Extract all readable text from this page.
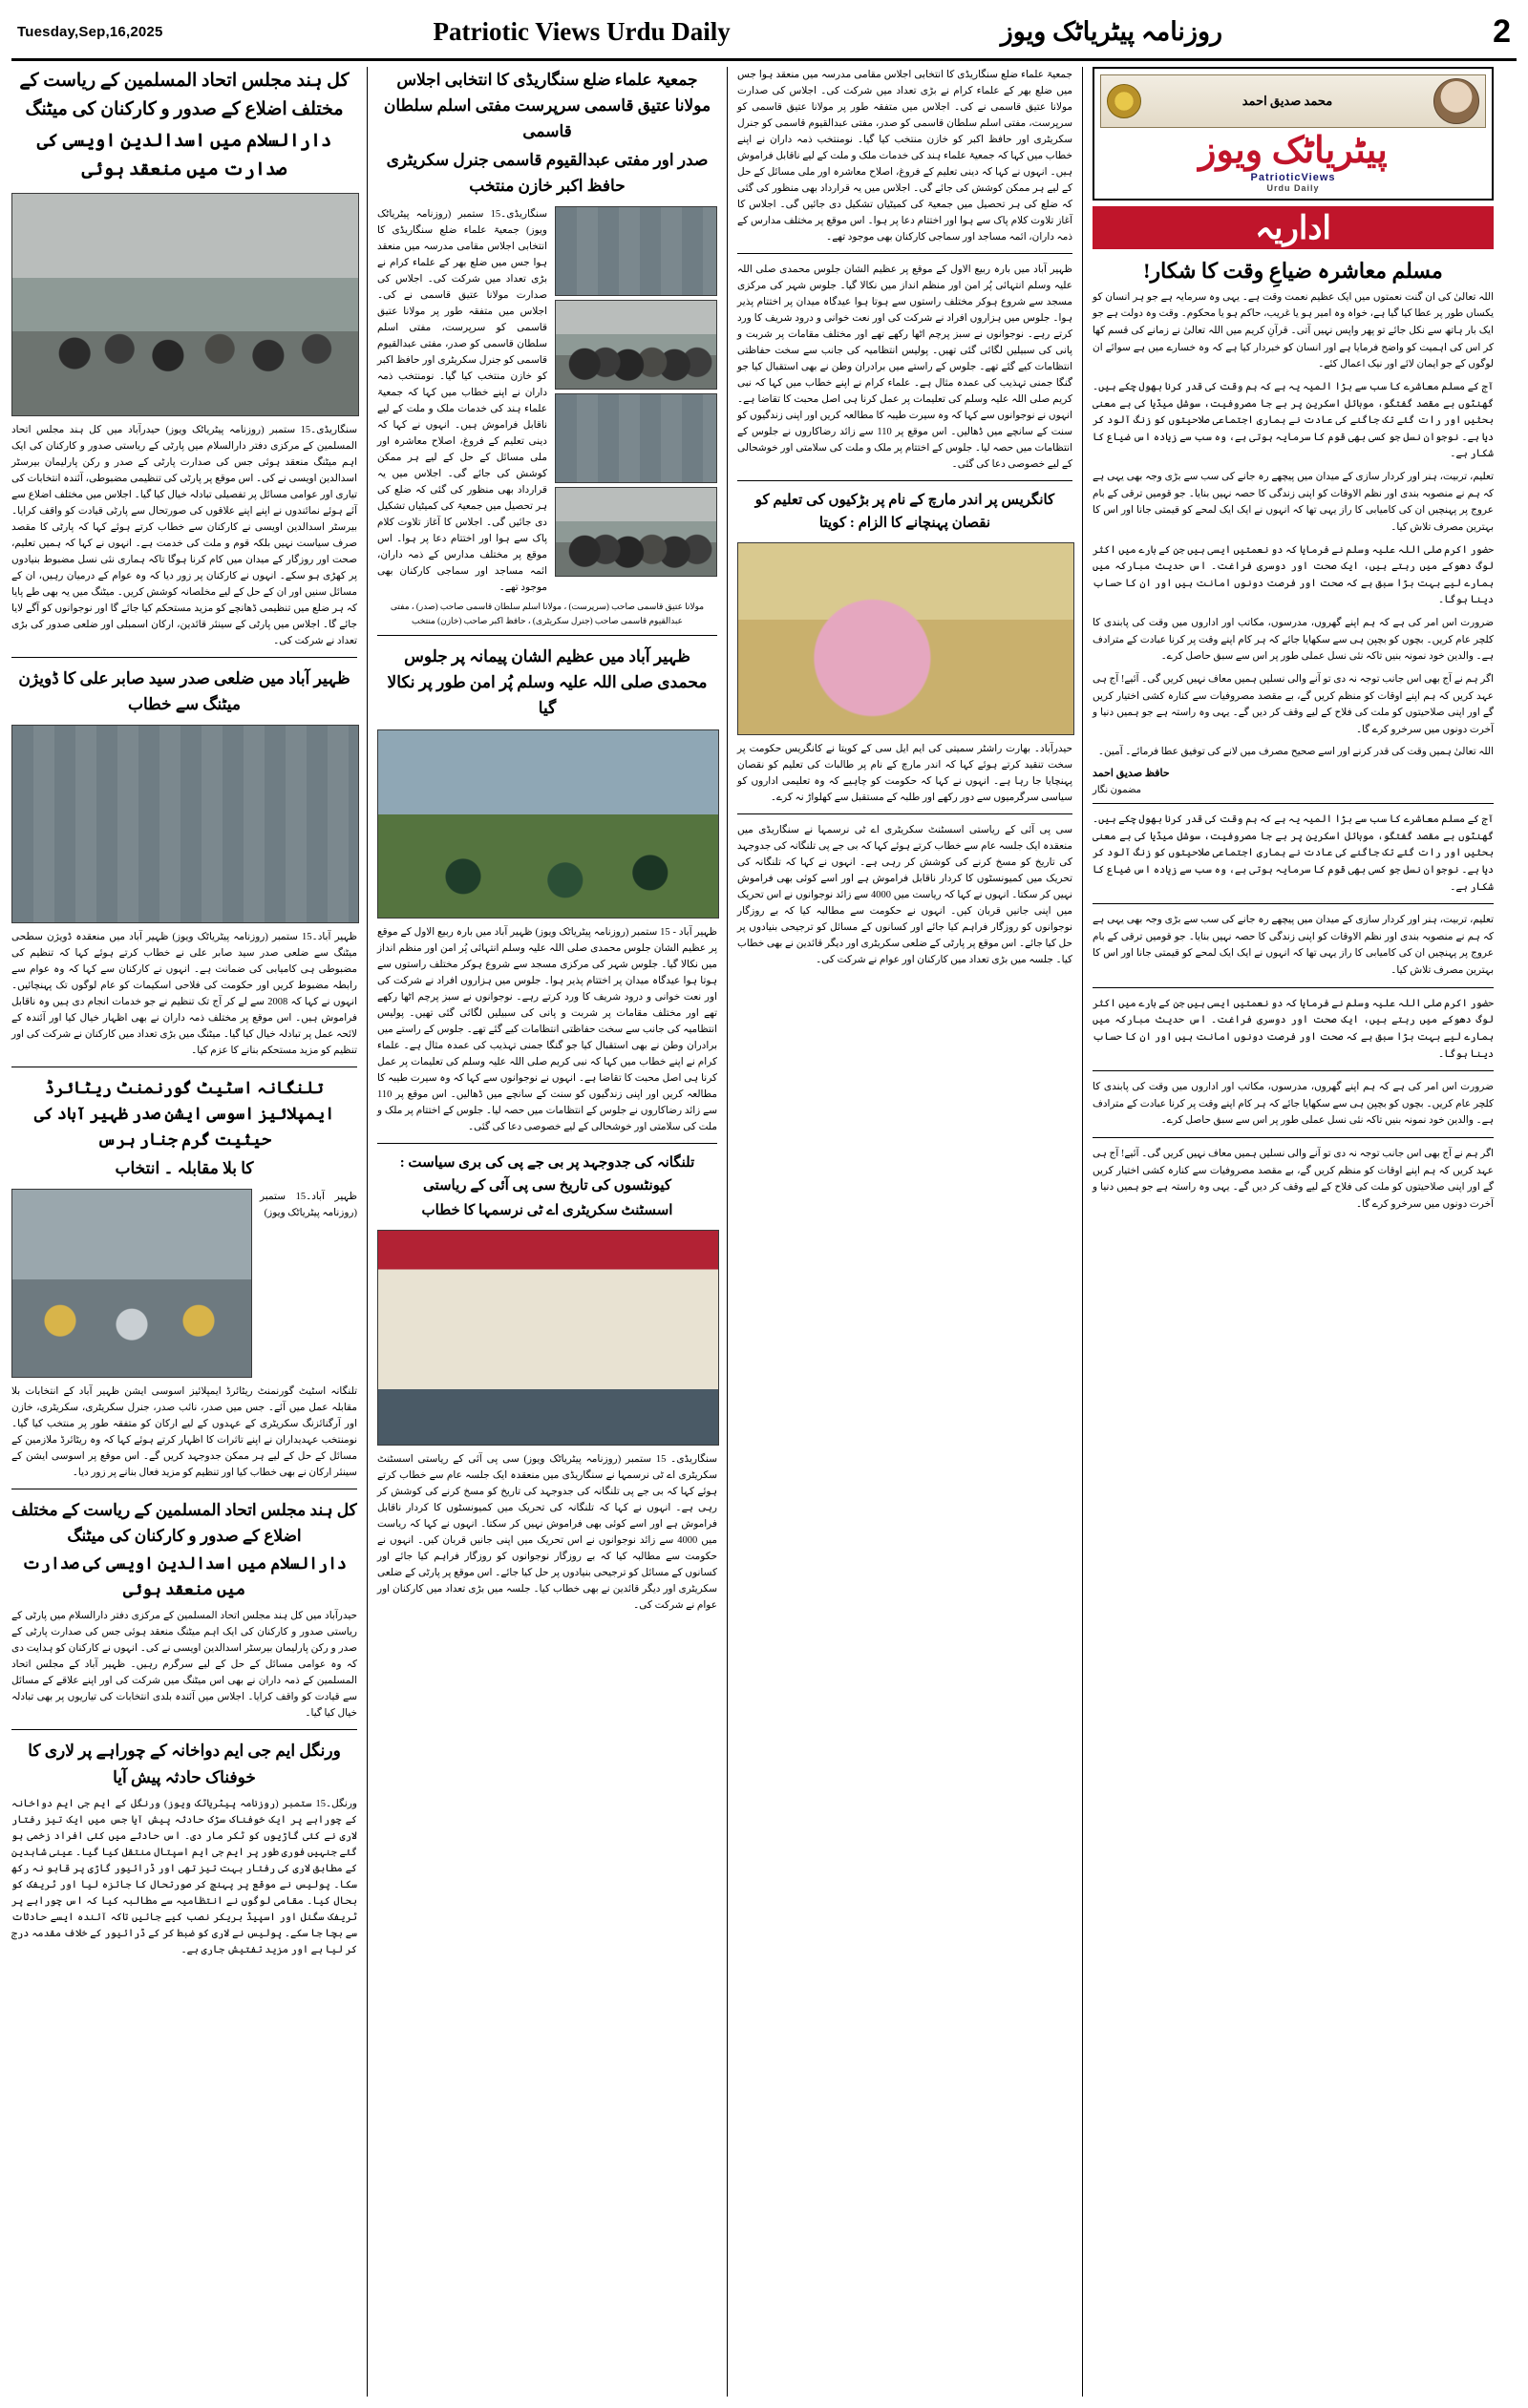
Tuesday,Sep,16,2025	Patriotic Views Urdu Daily	روزنامہ پیٹریاٹک ویوز	2
کل ہند مجلس اتحاد المسلمین کے ریاست کے مختلف اضلاع کے صدور و کارکنان کی میٹنگ
دارالسلام میں اسدالدین اویسی کی صدارت میں منعقد ہوئی
سنگاریڈی۔15 ستمبر (روزنامہ پیٹریاٹک ویوز) حیدرآباد میں کل ہند مجلس اتحاد المسلمین کے مرکزی دفتر دارالسلام میں پارٹی کے ریاستی صدور و کارکنان کی ایک اہم میٹنگ منعقد ہوئی جس کی صدارت پارٹی کے صدر و رکن پارلیمان بیرسٹر اسدالدین اویسی نے کی۔ اس موقع پر پارٹی کی تنظیمی مضبوطی، آئندہ انتخابات کی تیاری اور عوامی مسائل پر تفصیلی تبادلہ خیال کیا گیا۔ اجلاس میں مختلف اضلاع سے آئے ہوئے نمائندوں نے اپنے اپنے علاقوں کی صورتحال سے پارٹی قیادت کو واقف کرایا۔ بیرسٹر اسدالدین اویسی نے کارکنان سے خطاب کرتے ہوئے کہا کہ پارٹی کا مقصد صرف سیاست نہیں بلکہ قوم و ملت کی خدمت ہے۔ انہوں نے کہا کہ ہمیں تعلیم، صحت اور روزگار کے میدان میں کام کرنا ہوگا تاکہ ہماری نئی نسل مضبوط بنیادوں پر کھڑی ہو سکے۔ انہوں نے کارکنان پر زور دیا کہ وہ عوام کے درمیان رہیں، ان کے مسائل سنیں اور ان کے حل کے لیے مخلصانہ کوشش کریں۔ میٹنگ میں یہ بھی طے پایا کہ ہر ضلع میں تنظیمی ڈھانچے کو مزید مستحکم کیا جائے گا اور نوجوانوں کو آگے لایا جائے گا۔ اجلاس میں پارٹی کے سینئر قائدین، ارکان اسمبلی اور ضلعی صدور کی بڑی تعداد نے شرکت کی۔
ظہیر آباد میں ضلعی صدر سید صابر علی کا ڈویژن میٹنگ سے خطاب
ظہیر آباد۔15 ستمبر (روزنامہ پیٹریاٹک ویوز) ظہیر آباد میں منعقدہ ڈویژن سطحی میٹنگ سے ضلعی صدر سید صابر علی نے خطاب کرتے ہوئے کہا کہ تنظیم کی مضبوطی ہی کامیابی کی ضمانت ہے۔ انہوں نے کارکنان سے کہا کہ وہ عوام سے رابطہ مضبوط کریں اور حکومت کی فلاحی اسکیمات کو عام لوگوں تک پہنچائیں۔ انہوں نے کہا کہ 2008 سے لے کر آج تک تنظیم نے جو خدمات انجام دی ہیں وہ ناقابل فراموش ہیں۔ اس موقع پر مختلف ذمہ داران نے بھی اظہار خیال کیا اور آئندہ کے لائحہ عمل پر تبادلہ خیال کیا گیا۔ میٹنگ میں بڑی تعداد میں کارکنان نے شرکت کی اور تنظیم کو مزید مستحکم بنانے کا عزم کیا۔
تلنگانہ اسٹیٹ گورنمنٹ ریٹائرڈ ایمپلائیز اسوسی ایشن صدر ظہیر آباد کی حیثیت گرم جنار ہرس
کا بلا مقابلہ ۔ انتخاب
ظہیر آباد۔15 ستمبر (روزنامہ پیٹریاٹک ویوز)
تلنگانہ اسٹیٹ گورنمنٹ ریٹائرڈ ایمپلائیز اسوسی ایشن ظہیر آباد کے انتخابات بلا مقابلہ عمل میں آئے۔ جس میں صدر، نائب صدر، جنرل سکریٹری، سکریٹری، خازن اور آرگنائزنگ سکریٹری کے عہدوں کے لیے ارکان کو متفقہ طور پر منتخب کیا گیا۔ نومنتخب عہدیداران نے اپنے تاثرات کا اظہار کرتے ہوئے کہا کہ وہ ریٹائرڈ ملازمین کے مسائل کے حل کے لیے ہر ممکن جدوجہد کریں گے۔ اس موقع پر اسوسی ایشن کے سینئر ارکان نے بھی خطاب کیا اور تنظیم کو مزید فعال بنانے پر زور دیا۔
کل ہند مجلس اتحاد المسلمین کے ریاست کے مختلف اضلاع کے صدور و کارکنان کی میٹنگ
دارالسلام میں اسدالدین اویسی کی صدارت میں منعقد ہوئی
حیدرآباد میں کل ہند مجلس اتحاد المسلمین کے مرکزی دفتر دارالسلام میں پارٹی کے ریاستی صدور و کارکنان کی ایک اہم میٹنگ منعقد ہوئی جس کی صدارت پارٹی کے صدر و رکن پارلیمان بیرسٹر اسدالدین اویسی نے کی۔ انہوں نے کارکنان کو ہدایت دی کہ وہ عوامی مسائل کے حل کے لیے سرگرم رہیں۔ ظہیر آباد کے مجلس اتحاد المسلمین کے ذمہ داران نے بھی اس میٹنگ میں شرکت کی اور اپنے علاقے کے مسائل سے قیادت کو واقف کرایا۔ اجلاس میں آئندہ بلدی انتخابات کی تیاریوں پر بھی تبادلہ خیال کیا گیا۔
ورنگل ایم جی ایم دواخانہ کے چوراہے پر لاری کا خوفناک حادثہ پیش آیا
ورنگل۔15 ستمبر (روزنامہ پیٹریاٹک ویوز) ورنگل کے ایم جی ایم دواخانہ کے چوراہے پر ایک خوفناک سڑک حادثہ پیش آیا جس میں ایک تیز رفتار لاری نے کئی گاڑیوں کو ٹکر مار دی۔ اس حادثے میں کئی افراد زخمی ہو گئے جنہیں فوری طور پر ایم جی ایم اسپتال منتقل کیا گیا۔ عینی شاہدین کے مطابق لاری کی رفتار بہت تیز تھی اور ڈرائیور گاڑی پر قابو نہ رکھ سکا۔ پولیس نے موقع پر پہنچ کر صورتحال کا جائزہ لیا اور ٹریفک کو بحال کیا۔ مقامی لوگوں نے انتظامیہ سے مطالبہ کیا کہ اس چوراہے پر ٹریفک سگنل اور اسپیڈ بریکر نصب کیے جائیں تاکہ آئندہ ایسے حادثات سے بچا جا سکے۔ پولیس نے لاری کو ضبط کر کے ڈرائیور کے خلاف مقدمہ درج کر لیا ہے اور مزید تفتیش جاری ہے۔
جمعیۃ علماء ضلع سنگاریڈی کا انتخابی اجلاس مولانا عتیق قاسمی سرپرست مفتی اسلم سلطان قاسمی
صدر اور مفتی عبدالقیوم قاسمی جنرل سکریٹری حافظ اکبر خازن منتخب
سنگاریڈی۔15 ستمبر (روزنامہ پیٹریاٹک ویوز) جمعیۃ علماء ضلع سنگاریڈی کا انتخابی اجلاس مقامی مدرسہ میں منعقد ہوا جس میں ضلع بھر کے علماء کرام نے بڑی تعداد میں شرکت کی۔ اجلاس کی صدارت مولانا عتیق قاسمی نے کی۔ اجلاس میں متفقہ طور پر مولانا عتیق قاسمی کو سرپرست، مفتی اسلم سلطان قاسمی کو صدر، مفتی عبدالقیوم قاسمی کو جنرل سکریٹری اور حافظ اکبر کو خازن منتخب کیا گیا۔ نومنتخب ذمہ داران نے اپنے خطاب میں کہا کہ جمعیۃ علماء ہند کی خدمات ملک و ملت کے لیے ناقابل فراموش ہیں۔ انہوں نے کہا کہ دینی تعلیم کے فروغ، اصلاح معاشرہ اور ملی مسائل کے حل کے لیے ہر ممکن کوشش کی جائے گی۔ اجلاس میں یہ قرارداد بھی منظور کی گئی کہ ضلع کی ہر تحصیل میں جمعیۃ کی کمیٹیاں تشکیل دی جائیں گی۔ اجلاس کا آغاز تلاوت کلام پاک سے ہوا اور اختتام دعا پر ہوا۔ اس موقع پر مختلف مدارس کے ذمہ داران، ائمہ مساجد اور سماجی کارکنان بھی موجود تھے۔
مولانا عتیق قاسمی صاحب (سرپرست) ، مولانا اسلم سلطان قاسمی صاحب (صدر) ، مفتی عبدالقیوم قاسمی صاحب (جنرل سکریٹری) ، حافظ اکبر صاحب (خازن) منتخب
ظہیر آباد میں عظیم الشان پیمانہ پر جلوس محمدی صلی اللہ علیہ وسلم پُر امن طور پر نکالا گیا
ظہیر آباد - 15 ستمبر (روزنامہ پیٹریاٹک ویوز) ظہیر آباد میں بارہ ربیع الاول کے موقع پر عظیم الشان جلوس محمدی صلی اللہ علیہ وسلم انتہائی پُر امن اور منظم انداز میں نکالا گیا۔ جلوس شہر کی مرکزی مسجد سے شروع ہوکر مختلف راستوں سے ہوتا ہوا عیدگاہ میدان پر اختتام پذیر ہوا۔ جلوس میں ہزاروں افراد نے شرکت کی اور نعت خوانی و درود شریف کا ورد کرتے رہے۔ نوجوانوں نے سبز پرچم اٹھا رکھے تھے اور مختلف مقامات پر شربت و پانی کی سبیلیں لگائی گئی تھیں۔ پولیس انتظامیہ کی جانب سے سخت حفاظتی انتظامات کیے گئے تھے۔ جلوس کے راستے میں برادران وطن نے بھی استقبال کیا جو گنگا جمنی تہذیب کی عمدہ مثال ہے۔ علماء کرام نے اپنے خطاب میں کہا کہ نبی کریم صلی اللہ علیہ وسلم کی تعلیمات پر عمل کرنا ہی اصل محبت کا تقاضا ہے۔ انہوں نے نوجوانوں سے کہا کہ وہ سیرت طیبہ کا مطالعہ کریں اور اپنی زندگیوں کو سنت کے سانچے میں ڈھالیں۔ اس موقع پر 110 سے زائد رضاکاروں نے جلوس کے انتظامات میں حصہ لیا۔ جلوس کے اختتام پر ملک و ملت کی سلامتی اور خوشحالی کے لیے خصوصی دعا کی گئی۔
تلنگانہ کی جدوجہد پر بی جے پی کی بری سیاست : کیونٹسوں کی تاریخ سی پی آئی کے ریاستی
اسسٹنٹ سکریٹری اے ٹی نرسمہا کا خطاب
سنگاریڈی۔ 15 ستمبر (روزنامہ پیٹریاٹک ویوز) سی پی آئی کے ریاستی اسسٹنٹ سکریٹری اے ٹی نرسمہا نے سنگاریڈی میں منعقدہ ایک جلسہ عام سے خطاب کرتے ہوئے کہا کہ بی جے پی تلنگانہ کی جدوجہد کی تاریخ کو مسخ کرنے کی کوشش کر رہی ہے۔ انہوں نے کہا کہ تلنگانہ کی تحریک میں کمیونسٹوں کا کردار ناقابل فراموش ہے اور اسے کوئی بھی فراموش نہیں کر سکتا۔ انہوں نے کہا کہ ریاست میں 4000 سے زائد نوجوانوں نے اس تحریک میں اپنی جانیں قربان کیں۔ انہوں نے حکومت سے مطالبہ کیا کہ بے روزگار نوجوانوں کو روزگار فراہم کیا جائے اور کسانوں کے مسائل کو ترجیحی بنیادوں پر حل کیا جائے۔ اس موقع پر پارٹی کے ضلعی سکریٹری اور دیگر قائدین نے بھی خطاب کیا۔ جلسہ میں بڑی تعداد میں کارکنان اور عوام نے شرکت کی۔
جمعیۃ علماء ضلع سنگاریڈی کا انتخابی اجلاس مقامی مدرسہ میں منعقد ہوا جس میں ضلع بھر کے علماء کرام نے بڑی تعداد میں شرکت کی۔ اجلاس کی صدارت مولانا عتیق قاسمی نے کی۔ اجلاس میں متفقہ طور پر مولانا عتیق قاسمی کو سرپرست، مفتی اسلم سلطان قاسمی کو صدر، مفتی عبدالقیوم قاسمی کو جنرل سکریٹری اور حافظ اکبر کو خازن منتخب کیا گیا۔ نومنتخب ذمہ داران نے اپنے خطاب میں کہا کہ جمعیۃ علماء ہند کی خدمات ملک و ملت کے لیے ناقابل فراموش ہیں۔ انہوں نے کہا کہ دینی تعلیم کے فروغ، اصلاح معاشرہ اور ملی مسائل کے حل کے لیے ہر ممکن کوشش کی جائے گی۔ اجلاس میں یہ قرارداد بھی منظور کی گئی کہ ضلع کی ہر تحصیل میں جمعیۃ کی کمیٹیاں تشکیل دی جائیں گی۔ اجلاس کا آغاز تلاوت کلام پاک سے ہوا اور اختتام دعا پر ہوا۔ اس موقع پر مختلف مدارس کے ذمہ داران، ائمہ مساجد اور سماجی کارکنان بھی موجود تھے۔
ظہیر آباد میں بارہ ربیع الاول کے موقع پر عظیم الشان جلوس محمدی صلی اللہ علیہ وسلم انتہائی پُر امن اور منظم انداز میں نکالا گیا۔ جلوس شہر کی مرکزی مسجد سے شروع ہوکر مختلف راستوں سے ہوتا ہوا عیدگاہ میدان پر اختتام پذیر ہوا۔ جلوس میں ہزاروں افراد نے شرکت کی اور نعت خوانی و درود شریف کا ورد کرتے رہے۔ نوجوانوں نے سبز پرچم اٹھا رکھے تھے اور مختلف مقامات پر شربت و پانی کی سبیلیں لگائی گئی تھیں۔ پولیس انتظامیہ کی جانب سے سخت حفاظتی انتظامات کیے گئے تھے۔ جلوس کے راستے میں برادران وطن نے بھی استقبال کیا جو گنگا جمنی تہذیب کی عمدہ مثال ہے۔ علماء کرام نے اپنے خطاب میں کہا کہ نبی کریم صلی اللہ علیہ وسلم کی تعلیمات پر عمل کرنا ہی اصل محبت کا تقاضا ہے۔ انہوں نے نوجوانوں سے کہا کہ وہ سیرت طیبہ کا مطالعہ کریں اور اپنی زندگیوں کو سنت کے سانچے میں ڈھالیں۔ اس موقع پر 110 سے زائد رضاکاروں نے جلوس کے انتظامات میں حصہ لیا۔ جلوس کے اختتام پر ملک و ملت کی سلامتی اور خوشحالی کے لیے خصوصی دعا کی گئی۔
کانگریس پر اندر مارچ کے نام پر بڑکیوں کی تعلیم کو نقصان پہنچانے کا الزام : کویتا
حیدرآباد۔ بھارت راشٹر سمیتی کی ایم ایل سی کے کویتا نے کانگریس حکومت پر سخت تنقید کرتے ہوئے کہا کہ اندر مارچ کے نام پر طالبات کی تعلیم کو نقصان پہنچایا جا رہا ہے۔ انہوں نے کہا کہ حکومت کو چاہیے کہ وہ تعلیمی اداروں کو سیاسی سرگرمیوں سے دور رکھے اور طلبہ کے مستقبل سے کھلواڑ نہ کرے۔
سی پی آئی کے ریاستی اسسٹنٹ سکریٹری اے ٹی نرسمہا نے سنگاریڈی میں منعقدہ ایک جلسہ عام سے خطاب کرتے ہوئے کہا کہ بی جے پی تلنگانہ کی جدوجہد کی تاریخ کو مسخ کرنے کی کوشش کر رہی ہے۔ انہوں نے کہا کہ تلنگانہ کی تحریک میں کمیونسٹوں کا کردار ناقابل فراموش ہے اور اسے کوئی بھی فراموش نہیں کر سکتا۔ انہوں نے کہا کہ ریاست میں 4000 سے زائد نوجوانوں نے اس تحریک میں اپنی جانیں قربان کیں۔ انہوں نے حکومت سے مطالبہ کیا کہ بے روزگار نوجوانوں کو روزگار فراہم کیا جائے اور کسانوں کے مسائل کو ترجیحی بنیادوں پر حل کیا جائے۔ اس موقع پر پارٹی کے ضلعی سکریٹری اور دیگر قائدین نے بھی خطاب کیا۔ جلسہ میں بڑی تعداد میں کارکنان اور عوام نے شرکت کی۔
محمد صدیق احمد
پیٹریاٹک ویوز
PatrioticViews
Urdu Daily
اداریہ
مسلم معاشرہ ضیاعِ وقت کا شکار!
اللہ تعالیٰ کی ان گنت نعمتوں میں ایک عظیم نعمت وقت ہے۔ یہی وہ سرمایہ ہے جو ہر انسان کو یکساں طور پر عطا کیا گیا ہے، خواہ وہ امیر ہو یا غریب، حاکم ہو یا محکوم۔ وقت وہ دولت ہے جو ایک بار ہاتھ سے نکل جائے تو پھر واپس نہیں آتی۔ قرآنِ کریم میں اللہ تعالیٰ نے زمانے کی قسم کھا کر اس کی اہمیت کو واضح فرمایا ہے اور انسان کو خبردار کیا ہے کہ وہ خسارے میں ہے سوائے ان لوگوں کے جو ایمان لائے اور نیک اعمال کئے۔
آج کے مسلم معاشرے کا سب سے بڑا المیہ یہ ہے کہ ہم وقت کی قدر کرنا بھول چکے ہیں۔ گھنٹوں بے مقصد گفتگو، موبائل اسکرین پر بے جا مصروفیت، سوشل میڈیا کی بے معنی بحثیں اور رات گئے تک جاگنے کی عادت نے ہماری اجتماعی صلاحیتوں کو زنگ آلود کر دیا ہے۔ نوجوان نسل جو کسی بھی قوم کا سرمایہ ہوتی ہے، وہ سب سے زیادہ اس ضیاع کا شکار ہے۔
تعلیم، تربیت، ہنر اور کردار سازی کے میدان میں پیچھے رہ جانے کی سب سے بڑی وجہ بھی یہی ہے کہ ہم نے منصوبہ بندی اور نظم الاوقات کو اپنی زندگی کا حصہ نہیں بنایا۔ جو قومیں ترقی کے بام عروج پر پہنچیں ان کی کامیابی کا راز یہی تھا کہ انہوں نے ایک ایک لمحے کو قیمتی جانا اور اس کا بہترین مصرف تلاش کیا۔
حضور اکرم صلی اللہ علیہ وسلم نے فرمایا کہ دو نعمتیں ایسی ہیں جن کے بارے میں اکثر لوگ دھوکے میں رہتے ہیں، ایک صحت اور دوسری فراغت۔ اس حدیث مبارکہ میں ہمارے لیے بہت بڑا سبق ہے کہ صحت اور فرصت دونوں امانت ہیں اور ان کا حساب دینا ہوگا۔
ضرورت اس امر کی ہے کہ ہم اپنے گھروں، مدرسوں، مکاتب اور اداروں میں وقت کی پابندی کا کلچر عام کریں۔ بچوں کو بچپن ہی سے سکھایا جائے کہ ہر کام اپنے وقت پر کرنا عبادت کے مترادف ہے۔ والدین خود نمونہ بنیں تاکہ نئی نسل عملی طور پر اس سے سبق حاصل کرے۔
اگر ہم نے آج بھی اس جانب توجہ نہ دی تو آنے والی نسلیں ہمیں معاف نہیں کریں گی۔ آئیے! آج ہی عہد کریں کہ ہم اپنے اوقات کو منظم کریں گے، بے مقصد مصروفیات سے کنارہ کشی اختیار کریں گے اور اپنی صلاحیتوں کو ملت کی فلاح کے لیے وقف کر دیں گے۔ یہی وہ راستہ ہے جو ہمیں دنیا و آخرت دونوں میں سرخرو کرے گا۔
اللہ تعالیٰ ہمیں وقت کی قدر کرنے اور اسے صحیح مصرف میں لانے کی توفیق عطا فرمائے۔ آمین۔
حافظ صدیق احمد
مضمون نگار
آج کے مسلم معاشرے کا سب سے بڑا المیہ یہ ہے کہ ہم وقت کی قدر کرنا بھول چکے ہیں۔ گھنٹوں بے مقصد گفتگو، موبائل اسکرین پر بے جا مصروفیت، سوشل میڈیا کی بے معنی بحثیں اور رات گئے تک جاگنے کی عادت نے ہماری اجتماعی صلاحیتوں کو زنگ آلود کر دیا ہے۔ نوجوان نسل جو کسی بھی قوم کا سرمایہ ہوتی ہے، وہ سب سے زیادہ اس ضیاع کا شکار ہے۔
تعلیم، تربیت، ہنر اور کردار سازی کے میدان میں پیچھے رہ جانے کی سب سے بڑی وجہ بھی یہی ہے کہ ہم نے منصوبہ بندی اور نظم الاوقات کو اپنی زندگی کا حصہ نہیں بنایا۔ جو قومیں ترقی کے بام عروج پر پہنچیں ان کی کامیابی کا راز یہی تھا کہ انہوں نے ایک ایک لمحے کو قیمتی جانا اور اس کا بہترین مصرف تلاش کیا۔
حضور اکرم صلی اللہ علیہ وسلم نے فرمایا کہ دو نعمتیں ایسی ہیں جن کے بارے میں اکثر لوگ دھوکے میں رہتے ہیں، ایک صحت اور دوسری فراغت۔ اس حدیث مبارکہ میں ہمارے لیے بہت بڑا سبق ہے کہ صحت اور فرصت دونوں امانت ہیں اور ان کا حساب دینا ہوگا۔
ضرورت اس امر کی ہے کہ ہم اپنے گھروں، مدرسوں، مکاتب اور اداروں میں وقت کی پابندی کا کلچر عام کریں۔ بچوں کو بچپن ہی سے سکھایا جائے کہ ہر کام اپنے وقت پر کرنا عبادت کے مترادف ہے۔ والدین خود نمونہ بنیں تاکہ نئی نسل عملی طور پر اس سے سبق حاصل کرے۔
اگر ہم نے آج بھی اس جانب توجہ نہ دی تو آنے والی نسلیں ہمیں معاف نہیں کریں گی۔ آئیے! آج ہی عہد کریں کہ ہم اپنے اوقات کو منظم کریں گے، بے مقصد مصروفیات سے کنارہ کشی اختیار کریں گے اور اپنی صلاحیتوں کو ملت کی فلاح کے لیے وقف کر دیں گے۔ یہی وہ راستہ ہے جو ہمیں دنیا و آخرت دونوں میں سرخرو کرے گا۔
